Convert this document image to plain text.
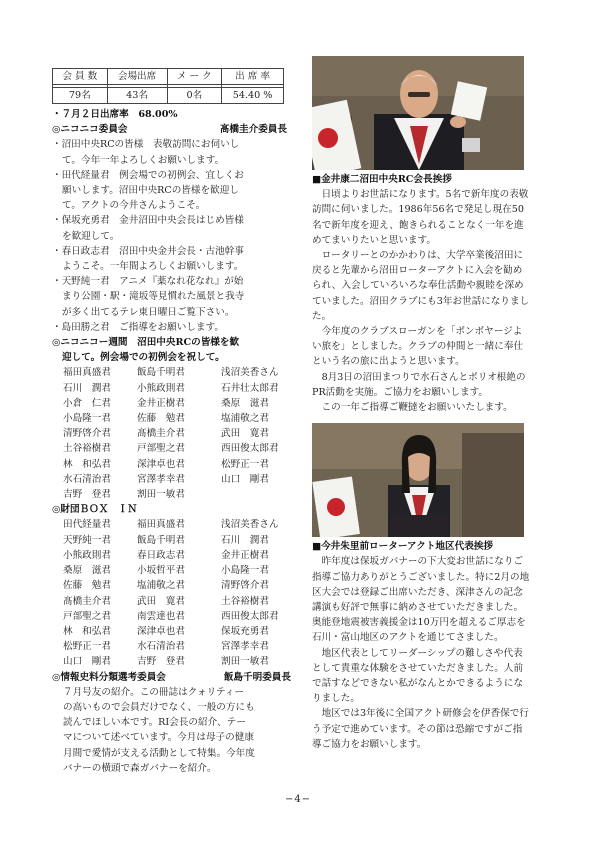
会 員 数	会場出席	メ ー ク	出 席 率

79名	43名	0名	54.40 %
・７月２日出席率　68.00%
◎ニコニコ委員会	髙橋圭介委員長
・沼田中央RCの皆様　表敬訪問にお伺いし
て。今年一年よろしくお願いします。
・田代経量君　例会場での初例会、宜しくお
願いします。沼田中央RCの皆様を歓迎し
て。アクトの今井さんようこそ。
・保坂充勇君　金井沼田中央会長はじめ皆様
を歓迎して。
・春日政志君　沼田中央金井会長・古池幹事
ようこそ。一年間よろしくお願いします。
・天野純一君　アニメ『薬なれ花なれ』が始
まり公園・駅・滝坂等見慣れた風景と我寺
が多く出てるテレ東日曜日ご覧下さい。
・島田勝之君　ご指導をお願いします。
◎ニコニコー週間　沼田中央RCの皆様を歓
迎して。例会場での初例会を祝して。
福田真盛君	飯島千明君	浅沼美香さん
石川　潤君	小熊政則君	石井壮太郎君
小倉　仁君	金井正樹君	桑原　滋君
小島隆一君	佐藤　勉君	塩浦敬之君
清野啓介君	髙橋圭介君	武田　寛君
土谷裕樹君	戸部聖之君	西田俊太郎君
林　和弘君	深津卓也君	松野正一君
水石清治君	宮澤孝幸君	山口　剛君
吉野　登君	割田一敏君
◎財団ＢＯＸ　ＩＮ
田代経量君	福田真盛君	浅沼美香さん
天野純一君	飯島千明君	石川　潤君
小熊政則君	春日政志君	金井正樹君
桑原　滋君	小坂哲平君	小島隆一君
佐藤　勉君	塩浦敬之君	清野啓介君
髙橋圭介君	武田　寛君	土谷裕樹君
戸部聖之君	南雲達也君	西田俊太郎君
林　和弘君	深津卓也君	保坂充勇君
松野正一君	水石清治君	宮澤孝幸君
山口　剛君	吉野　登君	割田一敏君
◎情報史料分類選考委員会	飯島千明委員長
７月号友の紹介。この冊誌はクォリティー
の高いもので会員だけでなく、一般の方にも
読んでほしい本です。RI会長の紹介、テー
マについて述べています。今月は母子の健康
月間で愛情が支える活動として特集。今年度
バナーの横頭で森ガバナーを紹介。
■金井康二沼田中央RC会長挨拶
日頃よりお世話になります。5名で新年度の表敬訪問に伺いました。1986年56名で発足し現在50名で新年度を迎え、飽きられることなく一年を進めてまいりたいと思います。
ロータリーとのかかわりは、大学卒業後沼田に戻ると先輩から沼田ローターアクトに入会を勧められ、入会していろいろな奉仕活動や親睦を深めていました。沼田クラブにも3年お世話になりました。
今年度のクラブスローガンを「ボンボヤージよい旅を」としました。クラブの仲間と一緒に奉仕という名の旅に出ようと思います。
8月3日の沼田まつりで水石さんとボリオ根絶のPR活動を実施。ご協力をお願いします。
この一年ご指導ご鞭撻をお願いいたします。
■今井朱里前ローターアクト地区代表挨拶
昨年度は保坂ガバナーの下大変お世話になりご指導ご協力ありがとうございました。特に2月の地区大会では登録ご出席いただき、深津さんの記念講演も好評で無事に納めさせていただきました。奥能登地震被害義援金は10万円を超えるご厚志を石川・富山地区のアクトを通じてさました。
地区代表としてリーダーシップの難しさや代表として貴重な体験をさせていただきました。人前で話すなどできない私がなんとかできるようになりました。
地区では3年後に全国アクト研修会を伊香保で行う予定で進めています。その節は恐縮ですがご指導ご協力をお願いします。
−4−
